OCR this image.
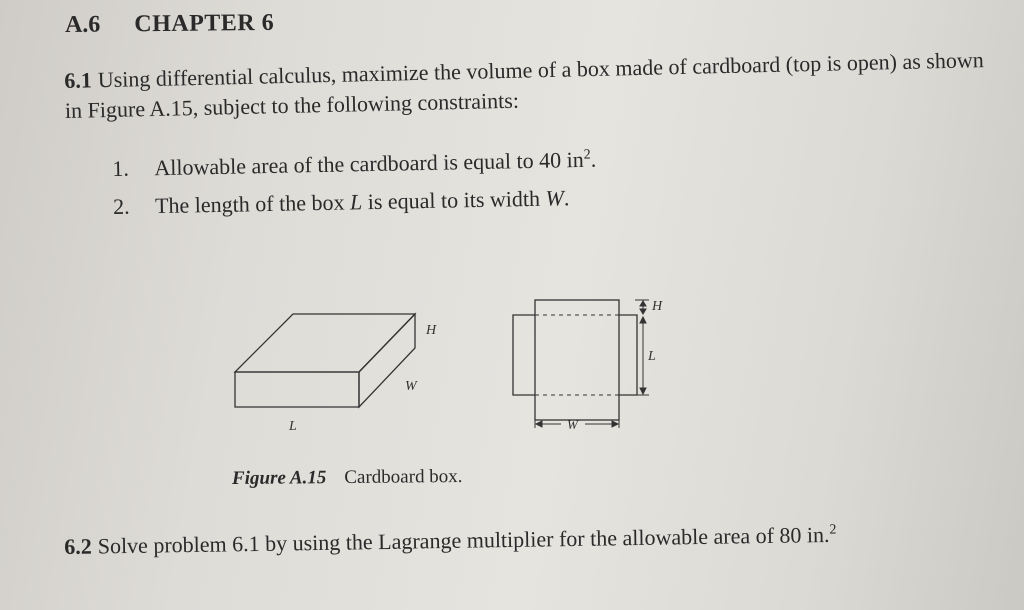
A.6 CHAPTER 6
6.1 Using differential calculus, maximize the volume of a box made of cardboard (top is open) as shown in Figure A.15, subject to the following constraints:
1. Allowable area of the cardboard is equal to 40 $in^2$.
2. The length of the box L is equal to its width W.
H
W
L
H
L
W
Figure A.15 Cardboard box.
6.2 Solve problem 6.1 by using the Lagrange multiplier for the allowable area of 80 in.$^2$
